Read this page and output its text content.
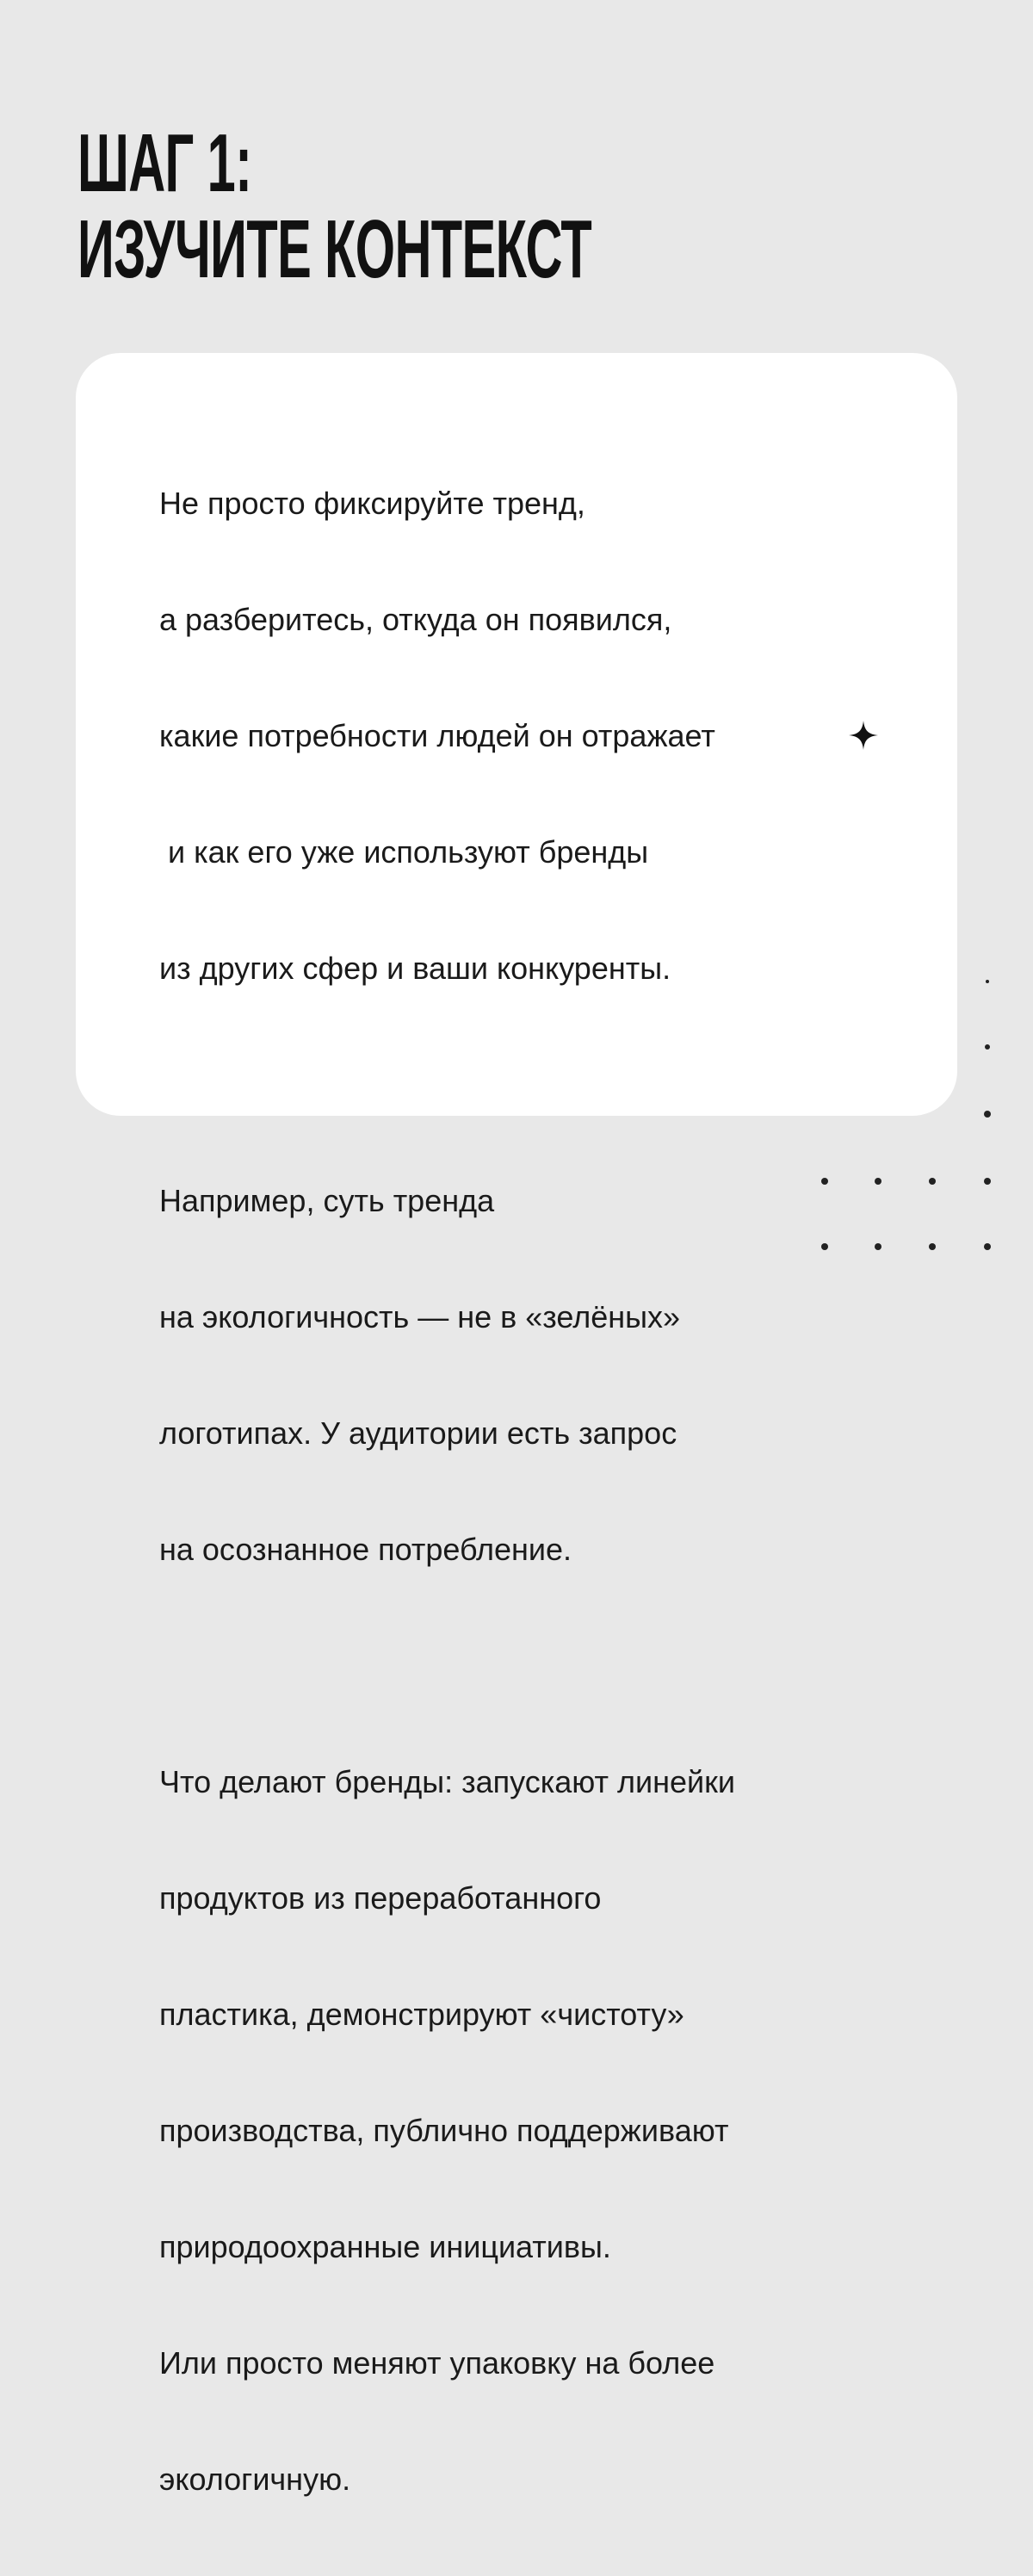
ШАГ 1:
ИЗУЧИТЕ КОНТЕКСТ

Не просто фиксируйте тренд,

а разберитесь, откуда он появился,

какие потребности людей он отражает

и как его уже используют бренды

из других сфер и ваши конкуренты.

Например, суть тренда

на экологичность — не в «зелёных»

логотипах. У аудитории есть запрос

на осознанное потребление.

Что делают бренды: запускают линейки

продуктов из переработанного

пластика, демонстрируют «чистоту»

производства, публично поддерживают

природоохранные инициативы.

Или просто меняют упаковку на более

экологичную.
